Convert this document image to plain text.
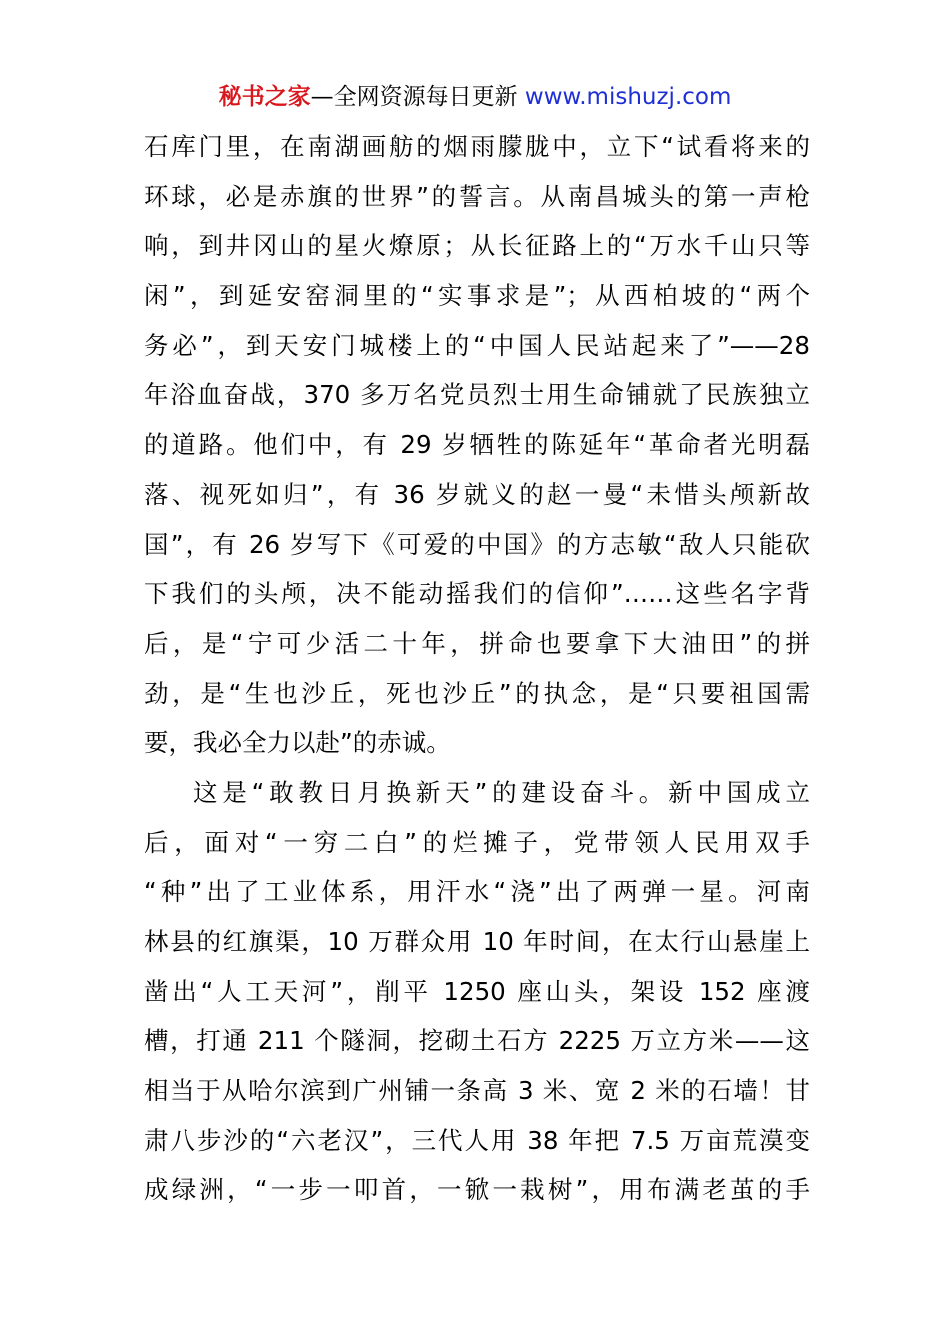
秘书之家—全网资源每日更新 www.mishuzj.com
石库门里，在南湖画舫的烟雨朦胧中，立下“试看将来的
环球，必是赤旗的世界”的誓言。从南昌城头的第一声枪
响，到井冈山的星火燎原；从长征路上的“万水千山只等
闲”，到延安窑洞里的“实事求是”；从西柏坡的“两个
务必”，到天安门城楼上的“中国人民站起来了”——28
年浴血奋战，370 多万名党员烈士用生命铺就了民族独立
的道路。他们中，有 29 岁牺牲的陈延年“革命者光明磊
落、视死如归”，有 36 岁就义的赵一曼“未惜头颅新故
国”，有 26 岁写下《可爱的中国》的方志敏“敌人只能砍
下我们的头颅，决不能动摇我们的信仰”……这些名字背
后，是“宁可少活二十年，拼命也要拿下大油田”的拼
劲，是“生也沙丘，死也沙丘”的执念，是“只要祖国需
要，我必全力以赴”的赤诚。
这是“敢教日月换新天”的建设奋斗。新中国成立
后，面对“一穷二白”的烂摊子，党带领人民用双手
“种”出了工业体系，用汗水“浇”出了两弹一星。河南
林县的红旗渠，10 万群众用 10 年时间，在太行山悬崖上
凿出“人工天河”，削平 1250 座山头，架设 152 座渡
槽，打通 211 个隧洞，挖砌土石方 2225 万立方米——这
相当于从哈尔滨到广州铺一条高 3 米、宽 2 米的石墙！甘
肃八步沙的“六老汉”，三代人用 38 年把 7.5 万亩荒漠变
成绿洲，“一步一叩首，一锨一栽树”，用布满老茧的手
